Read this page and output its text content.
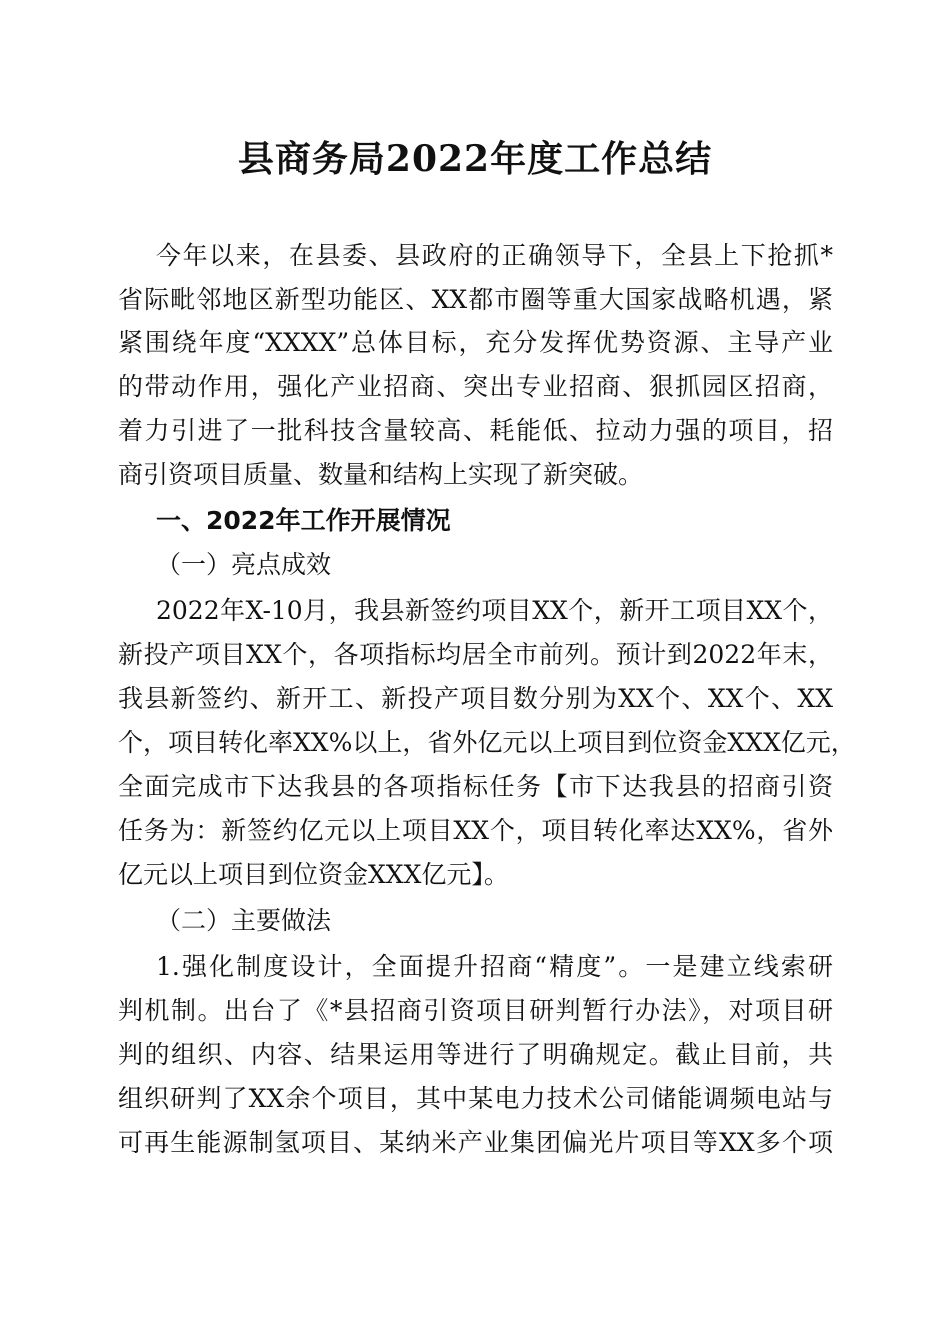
县商务局2022年度工作总结
今年以来，在县委、县政府的正确领导下，全县上下抢抓*
省际毗邻地区新型功能区、XX都市圈等重大国家战略机遇，紧
紧围绕年度“XXXX”总体目标，充分发挥优势资源、主导产业
的带动作用，强化产业招商、突出专业招商、狠抓园区招商，
着力引进了一批科技含量较高、耗能低、拉动力强的项目，招
商引资项目质量、数量和结构上实现了新突破。
一、2022年工作开展情况
（一）亮点成效
2022年X-10月，我县新签约项目XX个，新开工项目XX个，
新投产项目XX个，各项指标均居全市前列。预计到2022年末，
我县新签约、新开工、新投产项目数分别为XX个、XX个、XX
个，项目转化率XX%以上，省外亿元以上项目到位资金XXX亿元，
全面完成市下达我县的各项指标任务【市下达我县的招商引资
任务为：新签约亿元以上项目XX个，项目转化率达XX%，省外
亿元以上项目到位资金XXX亿元】。
（二）主要做法
1.强化制度设计，全面提升招商“精度”。一是建立线索研
判机制。出台了《*县招商引资项目研判暂行办法》，对项目研
判的组织、内容、结果运用等进行了明确规定。截止目前，共
组织研判了XX余个项目，其中某电力技术公司储能调频电站与
可再生能源制氢项目、某纳米产业集团偏光片项目等XX多个项
